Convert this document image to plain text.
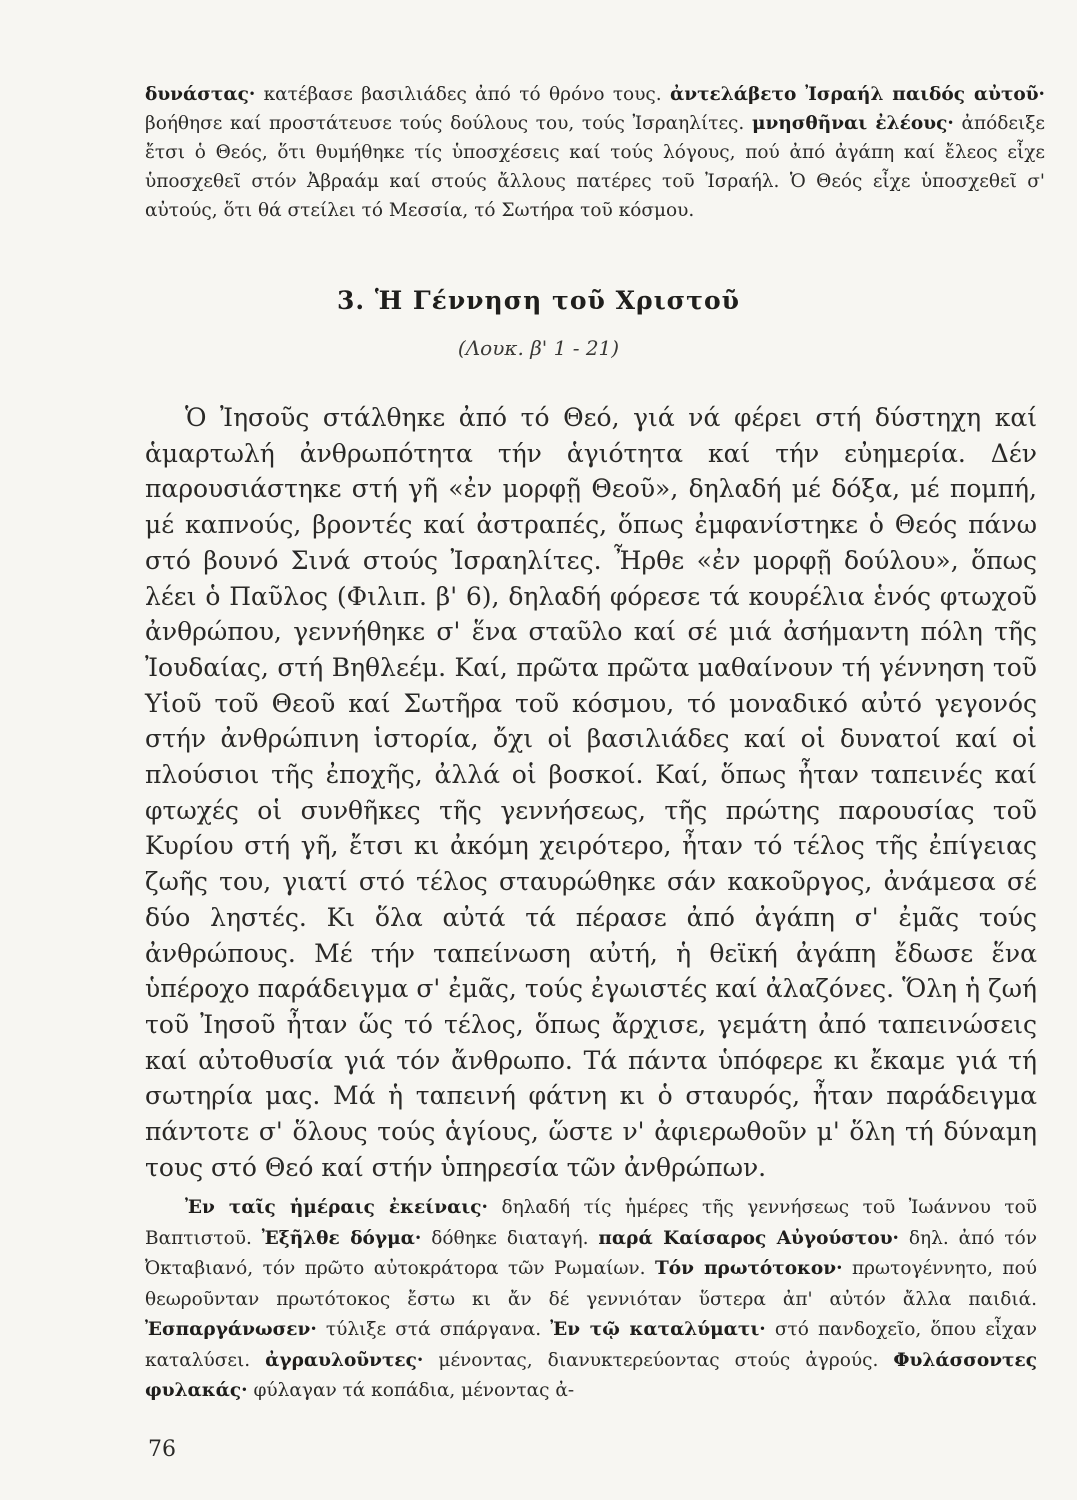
δυνάστας· κατέβασε βασιλιάδες ἀπό τό θρόνο τους. ἀντελάβετο Ἰσραήλ παιδός αὐτοῦ· βοήθησε καί προστάτευσε τούς δούλους του, τούς Ἰσραηλίτες. μνησθῆναι ἐλέους· ἀπόδειξε ἔτσι ὁ Θεός, ὅτι θυμήθηκε τίς ὑποσχέσεις καί τούς λόγους, πού ἀπό ἀγάπη καί ἔλεος εἶχε ὑποσχεθεῖ στόν Ἀβραάμ καί στούς ἄλλους πατέρες τοῦ Ἰσραήλ. Ὁ Θεός εἶχε ὑποσχεθεῖ σ' αὐτούς, ὅτι θά στείλει τό Μεσσία, τό Σωτήρα τοῦ κόσμου.

3. Ἡ Γέννηση τοῦ Χριστοῦ
(Λουκ. β' 1 - 21)

Ὁ Ἰησοῦς στάλθηκε ἀπό τό Θεό, γιά νά φέρει στή δύστηχη καί ἁμαρτωλή ἀνθρωπότητα τήν ἁγιότητα καί τήν εὐημερία. Δέν παρουσιάστηκε στή γῆ «ἐν μορφῇ Θεοῦ», δηλαδή μέ δόξα, μέ πομπή, μέ καπνούς, βροντές καί ἀστραπές, ὅπως ἐμφανίστηκε ὁ Θεός πάνω στό βουνό Σινά στούς Ἰσραηλίτες. Ἦρθε «ἐν μορφῇ δούλου», ὅπως λέει ὁ Παῦλος (Φιλιπ. β' 6), δηλαδή φόρεσε τά κουρέλια ἑνός φτωχοῦ ἀνθρώπου, γεννήθηκε σ' ἕνα σταῦλο καί σέ μιά ἀσήμαντη πόλη τῆς Ἰουδαίας, στή Βηθλεέμ. Καί, πρῶτα πρῶτα μαθαίνουν τή γέννηση τοῦ Υἱοῦ τοῦ Θεοῦ καί Σωτῆρα τοῦ κόσμου, τό μοναδικό αὐτό γεγονός στήν ἀνθρώπινη ἱστορία, ὄχι οἱ βασιλιάδες καί οἱ δυνατοί καί οἱ πλούσιοι τῆς ἐποχῆς, ἀλλά οἱ βοσκοί. Καί, ὅπως ἦταν ταπεινές καί φτωχές οἱ συνθῆκες τῆς γεννήσεως, τῆς πρώτης παρουσίας τοῦ Κυρίου στή γῆ, ἔτσι κι ἀκόμη χειρότερο, ἦταν τό τέλος τῆς ἐπίγειας ζωῆς του, γιατί στό τέλος σταυρώθηκε σάν κακοῦργος, ἀνάμεσα σέ δύο ληστές. Κι ὅλα αὐτά τά πέρασε ἀπό ἀγάπη σ' ἐμᾶς τούς ἀνθρώπους. Μέ τήν ταπείνωση αὐτή, ἡ θεϊκή ἀγάπη ἔδωσε ἕνα ὑπέροχο παράδειγμα σ' ἐμᾶς, τούς ἐγωιστές καί ἀλαζόνες. Ὅλη ἡ ζωή τοῦ Ἰησοῦ ἦταν ὥς τό τέλος, ὅπως ἄρχισε, γεμάτη ἀπό ταπεινώσεις καί αὐτοθυσία γιά τόν ἄνθρωπο. Τά πάντα ὑπόφερε κι ἔκαμε γιά τή σωτηρία μας. Μά ἡ ταπεινή φάτνη κι ὁ σταυρός, ἦταν παράδειγμα πάντοτε σ' ὅλους τούς ἁγίους, ὥστε ν' ἀφιερωθοῦν μ' ὅλη τή δύναμη τους στό Θεό καί στήν ὑπηρεσία τῶν ἀνθρώπων.

Ἐν ταῖς ἡμέραις ἐκείναις· δηλαδή τίς ἡμέρες τῆς γεννήσεως τοῦ Ἰωάννου τοῦ Βαπτιστοῦ. Ἐξῆλθε δόγμα· δόθηκε διαταγή. παρά Καίσαρος Αὐγούστου· δηλ. ἀπό τόν Ὀκταβιανό, τόν πρῶτο αὐτοκράτορα τῶν Ρωμαίων. Τόν πρωτότοκον· πρωτογέννητο, πού θεωροῦνταν πρωτότοκος ἔστω κι ἄν δέ γεννιόταν ὕστερα ἀπ' αὐτόν ἄλλα παιδιά. Ἐσπαργάνωσεν· τύλιξε στά σπάργανα. Ἐν τῷ καταλύματι· στό πανδοχεῖο, ὅπου εἶχαν καταλύσει. ἀγραυλοῦντες· μένοντας, διανυκτερεύοντας στούς ἀγρούς. Φυλάσσοντες φυλακάς· φύλαγαν τά κοπάδια, μένοντας ἀ-

76
